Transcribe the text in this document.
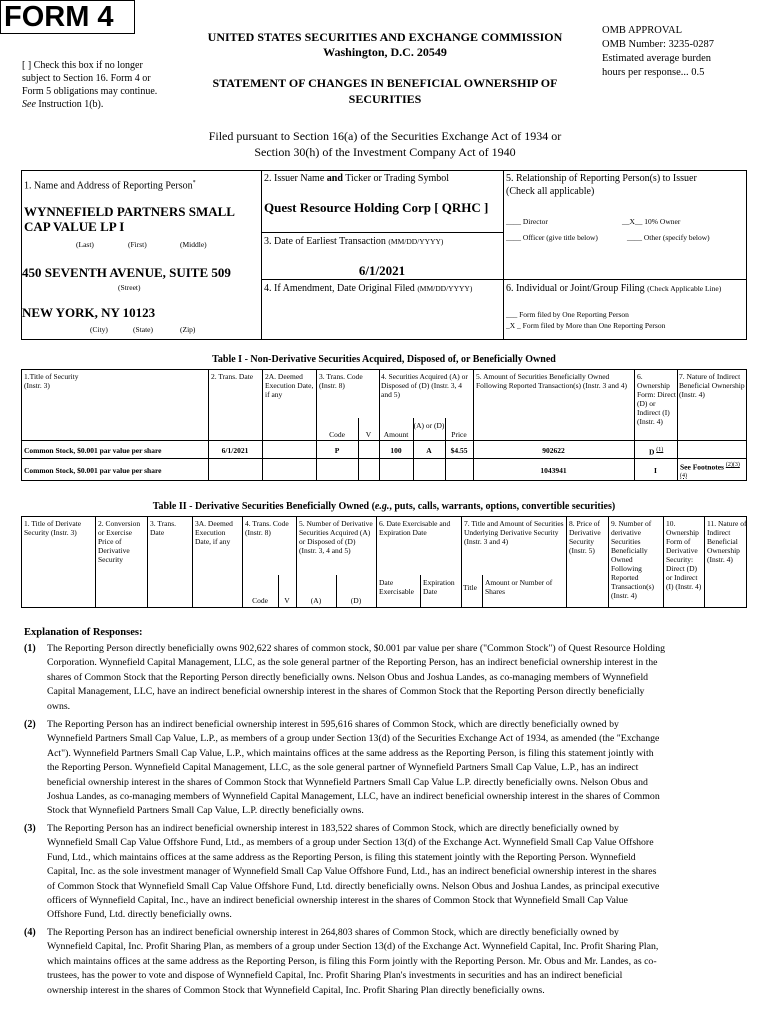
FORM 4
[ ] Check this box if no longer subject to Section 16. Form 4 or Form 5 obligations may continue. See Instruction 1(b).
UNITED STATES SECURITIES AND EXCHANGE COMMISSION
Washington, D.C. 20549
STATEMENT OF CHANGES IN BENEFICIAL OWNERSHIP OF
SECURITIES
OMB APPROVAL
OMB Number: 3235-0287
Estimated average burden
hours per response... 0.5
Filed pursuant to Section 16(a) of the Securities Exchange Act of 1934 or
Section 30(h) of the Investment Company Act of 1940
1. Name and Address of Reporting Person*
WYNNEFIELD PARTNERS SMALL
CAP VALUE LP I
(Last)	(First)	(Middle)
450 SEVENTH AVENUE, SUITE 509
(Street)
NEW YORK, NY 10123
(City)	(State)	(Zip)
2. Issuer Name and Ticker or Trading Symbol
Quest Resource Holding Corp [ QRHC ]
3. Date of Earliest Transaction (MM/DD/YYYY)
6/1/2021
4. If Amendment, Date Original Filed (MM/DD/YYYY)
5. Relationship of Reporting Person(s) to Issuer
(Check all applicable)
____ Director	__X__ 10% Owner
____ Officer (give title below)	____ Other (specify below)
6. Individual or Joint/Group Filing (Check Applicable Line)
___ Form filed by One Reporting Person
_X _ Form filed by More than One Reporting Person
Table I - Non-Derivative Securities Acquired, Disposed of, or Beneficially Owned
1.Title of Security
(Instr. 3)
2. Trans. Date	2A. Deemed Execution Date, if any
3. Trans. Code (Instr. 8)
4. Securities Acquired (A) or Disposed of (D) (Instr. 3, 4 and 5)
5. Amount of Securities Beneficially Owned Following Reported Transaction(s) (Instr. 3 and 4)
6. Ownership Form: Direct (D) or Indirect (I) (Instr. 4)
7. Nature of Indirect Beneficial Ownership (Instr. 4)
Code	V	Amount
(A) or (D)
Price
Common Stock, $0.001 par value per share	6/1/2021	P	100	A	$4.55	902622	D $^{(1)}$
Common Stock, $0.001 par value per share	1043941	I	See Footnotes $^{(2)(3)(4)}$
Table II - Derivative Securities Beneficially Owned (e.g., puts, calls, warrants, options, convertible securities)
1. Title of Derivate Security (Instr. 3)
2. Conversion or Exercise Price of Derivative Security
3. Trans. Date
3A. Deemed Execution Date, if any
4. Trans. Code (Instr. 8)
5. Number of Derivative Securities Acquired (A) or Disposed of (D) (Instr. 3, 4 and 5)
6. Date Exercisable and Expiration Date
7. Title and Amount of Securities Underlying Derivative Security (Instr. 3 and 4)
8. Price of Derivative Security (Instr. 5)
9. Number of derivative Securities Beneficially Owned Following Reported Transaction(s) (Instr. 4)
10. Ownership Form of Derivative Security: Direct (D) or Indirect (I) (Instr. 4)
11. Nature of Indirect Beneficial Ownership (Instr. 4)
Code	V	(A)	(D)
Date Exercisable
Expiration Date	Title
Amount or Number of Shares
Explanation of Responses:
(1) The Reporting Person directly beneficially owns 902,622 shares of common stock, $0.001 par value per share ("Common Stock") of Quest Resource Holding
Corporation. Wynnefield Capital Management, LLC, as the sole general partner of the Reporting Person, has an indirect beneficial ownership interest in the
shares of Common Stock that the Reporting Person directly beneficially owns. Nelson Obus and Joshua Landes, as co-managing members of Wynnefield
Capital Management, LLC, have an indirect beneficial ownership interest in the shares of Common Stock that the Reporting Person directly beneficially
owns.
(2) The Reporting Person has an indirect beneficial ownership interest in 595,616 shares of Common Stock, which are directly beneficially owned by
Wynnefield Partners Small Cap Value, L.P., as members of a group under Section 13(d) of the Securities Exchange Act of 1934, as amended (the "Exchange
Act"). Wynnefield Partners Small Cap Value, L.P., which maintains offices at the same address as the Reporting Person, is filing this statement jointly with
the Reporting Person. Wynnefield Capital Management, LLC, as the sole general partner of Wynnefield Partners Small Cap Value, L.P., has an indirect
beneficial ownership interest in the shares of Common Stock that Wynnefield Partners Small Cap Value L.P. directly beneficially owns. Nelson Obus and
Joshua Landes, as co-managing members of Wynnefield Capital Management, LLC, have an indirect beneficial ownership interest in the shares of Common
Stock that Wynnefield Partners Small Cap Value, L.P. directly beneficially owns.
(3) The Reporting Person has an indirect beneficial ownership interest in 183,522 shares of Common Stock, which are directly beneficially owned by
Wynnefield Small Cap Value Offshore Fund, Ltd., as members of a group under Section 13(d) of the Exchange Act. Wynnefield Small Cap Value Offshore
Fund, Ltd., which maintains offices at the same address as the Reporting Person, is filing this statement jointly with the Reporting Person. Wynnefield
Capital, Inc. as the sole investment manager of Wynnefield Small Cap Value Offshore Fund, Ltd., has an indirect beneficial ownership interest in the shares
of Common Stock that Wynnefield Small Cap Value Offshore Fund, Ltd. directly beneficially owns. Nelson Obus and Joshua Landes, as principal executive
officers of Wynnefield Capital, Inc., have an indirect beneficial ownership interest in the shares of Common Stock that Wynnefield Small Cap Value
Offshore Fund, Ltd. directly beneficially owns.
(4) The Reporting Person has an indirect beneficial ownership interest in 264,803 shares of Common Stock, which are directly beneficially owned by
Wynnefield Capital, Inc. Profit Sharing Plan, as members of a group under Section 13(d) of the Exchange Act. Wynnefield Capital, Inc. Profit Sharing Plan,
which maintains offices at the same address as the Reporting Person, is filing this Form jointly with the Reporting Person. Mr. Obus and Mr. Landes, as co-
trustees, has the power to vote and dispose of Wynnefield Capital, Inc. Profit Sharing Plan's investments in securities and has an indirect beneficial
ownership interest in the shares of Common Stock that Wynnefield Capital, Inc. Profit Sharing Plan directly beneficially owns.
